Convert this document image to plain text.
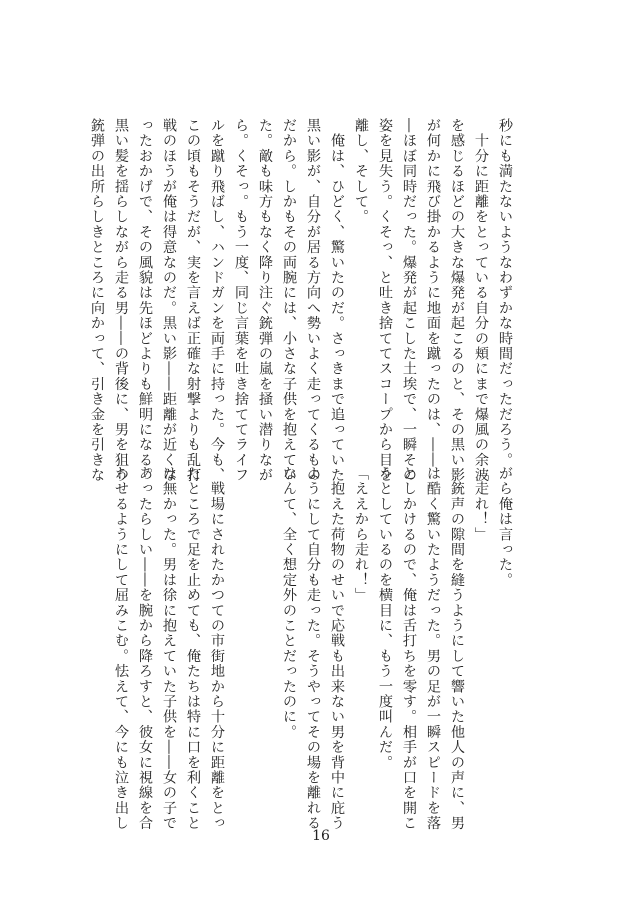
秒にも満たないようなわずかな時間だっただろう。
　十分に距離をとっている自分の頬にまで爆風の余波
を感じるほどの大きな爆発が起こるのと、その黒い影
が何かに飛び掛かるように地面を蹴ったのは、――
―ほぼ同時だった。爆発が起こした土埃で、一瞬その
姿を見失う。くそっ、と吐き捨ててスコープから目を
離し、そして。
　俺は、ひどく、驚いたのだ。さっきまで追っていた
黒い影が、自分が居る方向へ勢いよく走ってくるもの
だから。しかもその両腕には、小さな子供を抱えてい
た。敵も味方もなく降り注ぐ銃弾の嵐を掻い潜りなが
ら。くそっ。もう一度、同じ言葉を吐き捨ててライフ
ルを蹴り飛ばし、ハンドガンを両手に持った。今も、
この頃もそうだが、実を言えば正確な射撃よりも乱打
戦のほうが俺は得意なのだ。黒い影――距離が近くな
ったおかげで、その風貌は先ほどよりも鮮明になる。
黒い髪を揺らしながら走る男――の背後に、男を狙う
銃弾の出所らしきところに向かって、引き金を引きな
がら俺は言った。
「走れ！」
　銃声の隙間を縫うようにして響いた他人の声に、男
は酷く驚いたようだった。男の足が一瞬スピードを落
としかけるので、俺は舌打ちを零す。相手が口を開こ
うとしているのを横目に、もう一度叫んだ。
「ええから走れ！」
　抱えた荷物のせいで応戦も出来ない男を背中に庇う
ようにして自分も走った。そうやってその場を離れる
なんて、全く想定外のことだったのに。
　戦場にされたかつての市街地から十分に距離をとっ
たところで足を止めても、俺たちは特に口を利くこと
は無かった。男は徐に抱えていた子供を――女の子で
あったらしい――を腕から降ろすと、彼女に視線を合
わせるようにして屈みこむ。怯えて、今にも泣き出し
16
